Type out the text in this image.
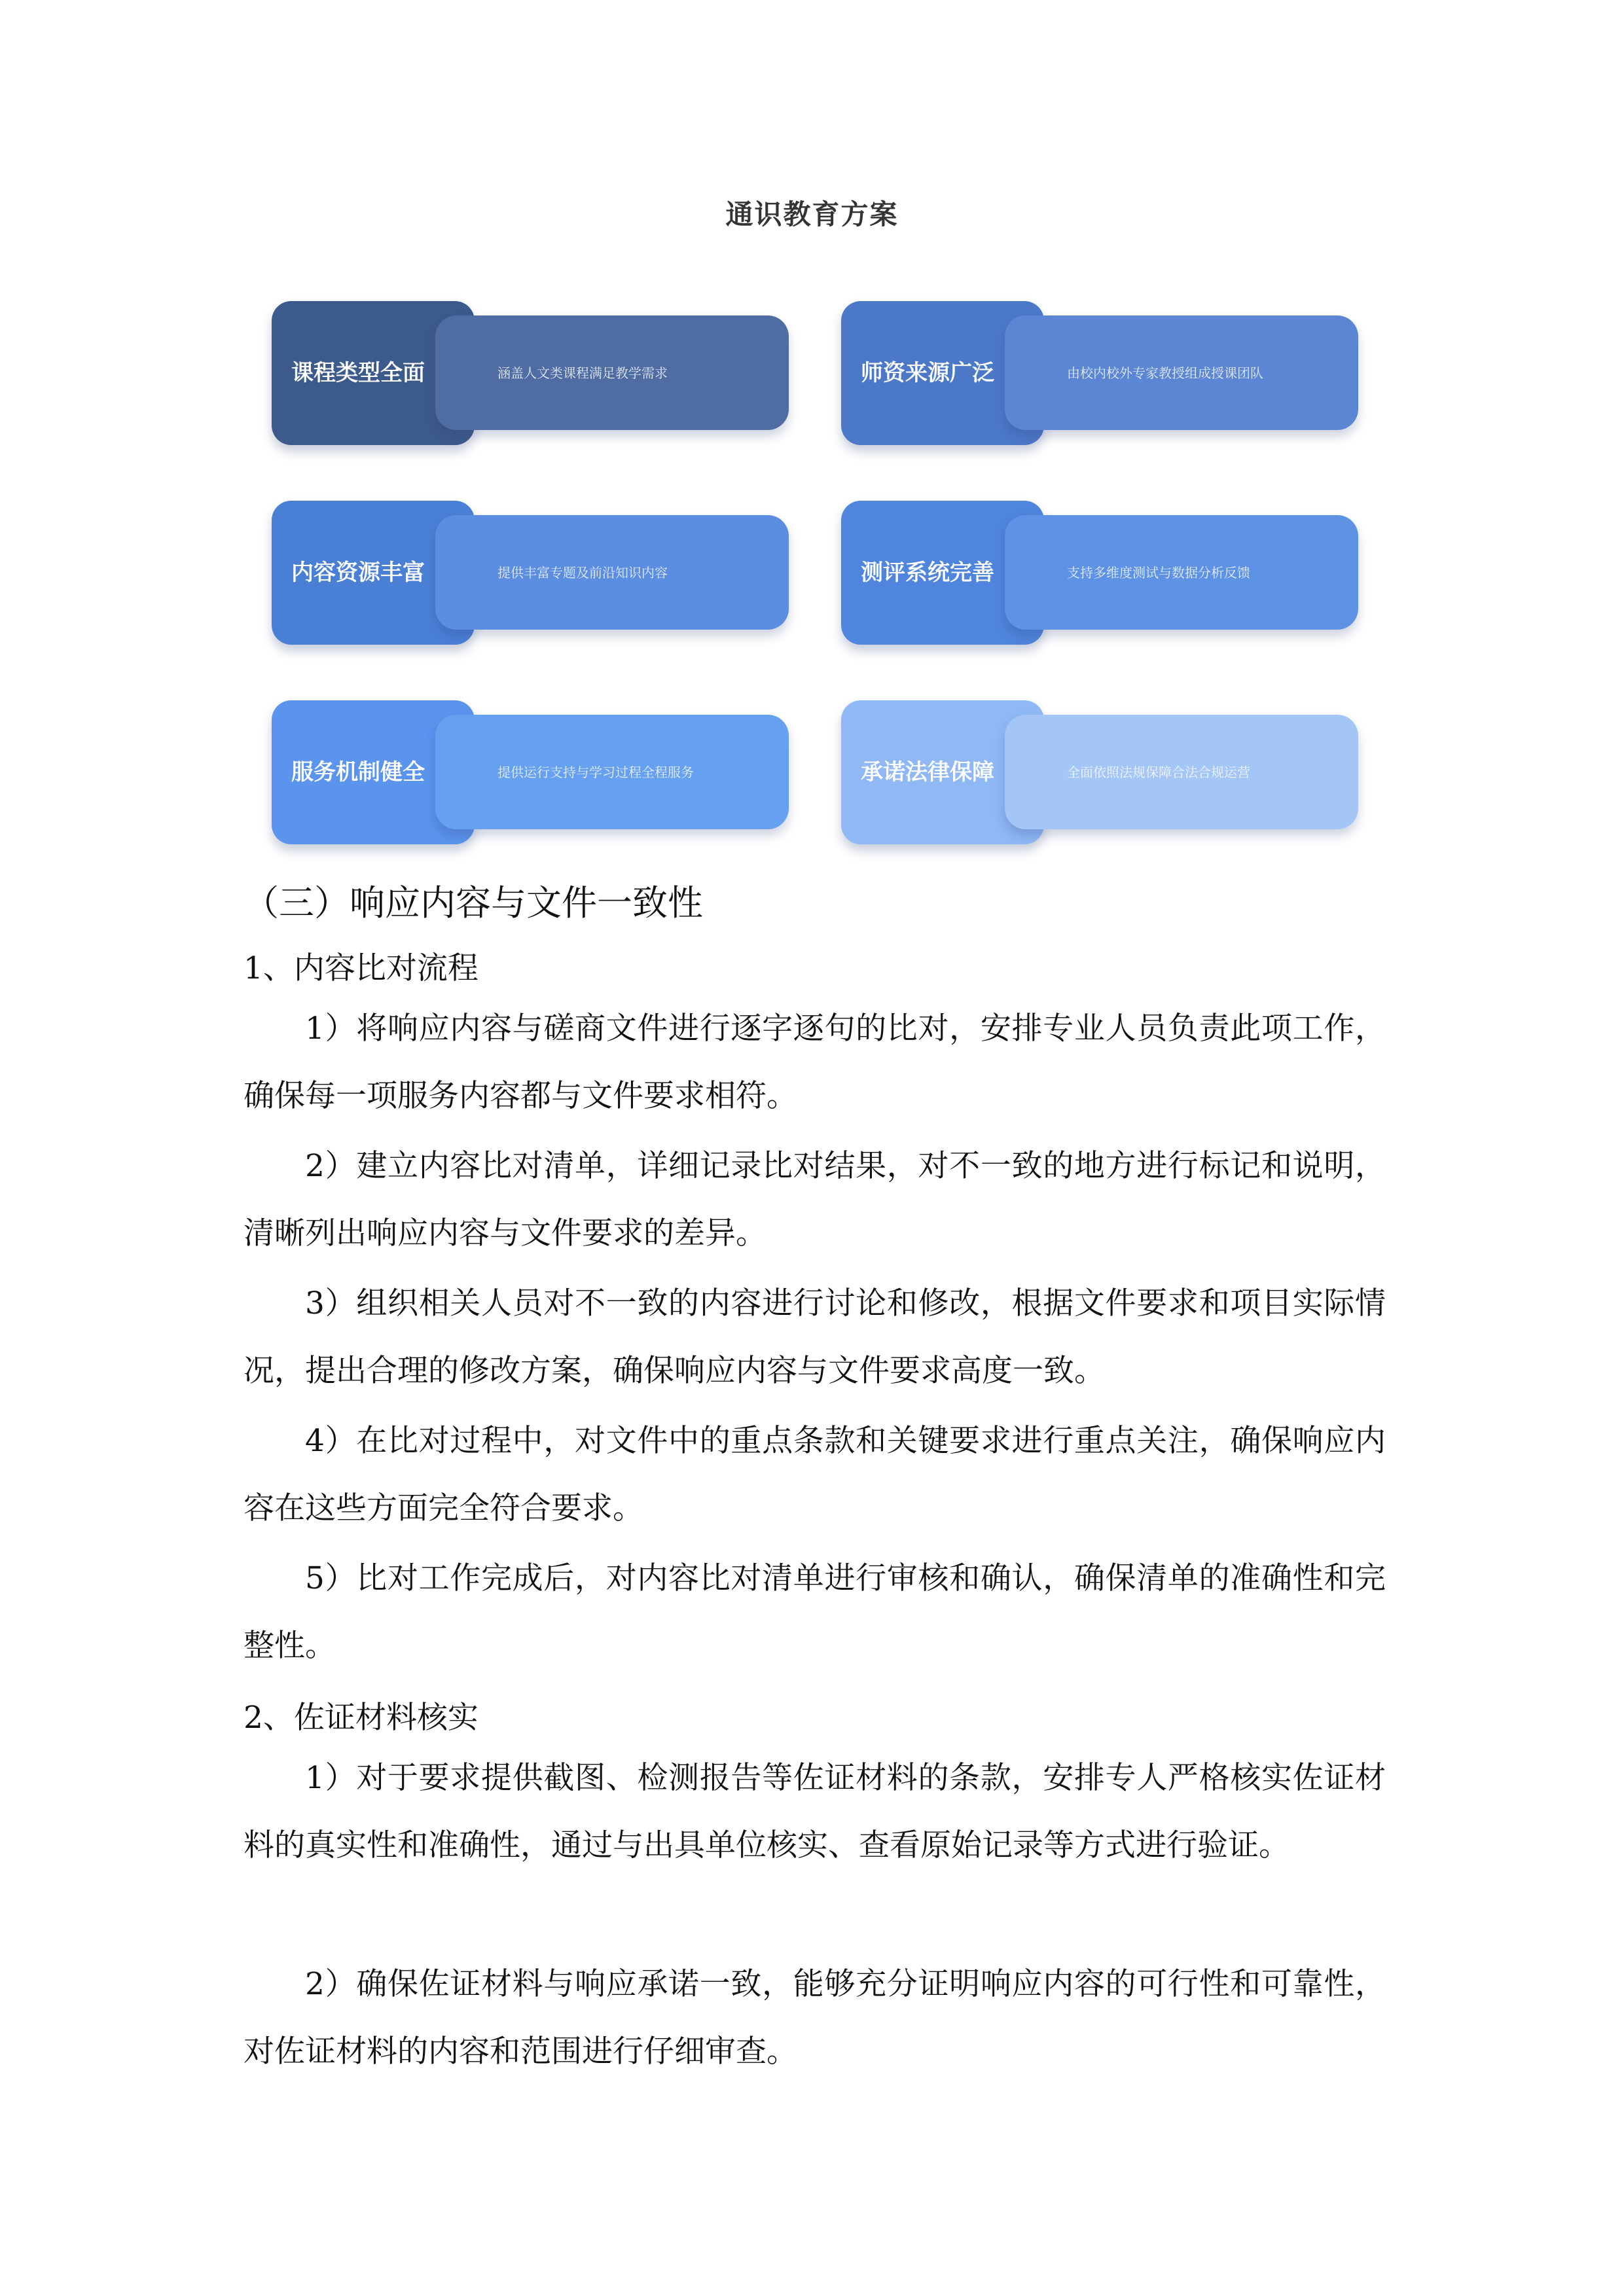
通识教育方案
课程类型全面	涵盖人文类课程满足教学需求	师资来源广泛	由校内校外专家教授组成授课团队
内容资源丰富	提供丰富专题及前沿知识内容	测评系统完善	支持多维度测试与数据分析反馈
服务机制健全	提供运行支持与学习过程全程服务	承诺法律保障	全面依照法规保障合法合规运营
（三）响应内容与文件一致性
1、内容比对流程
1）将响应内容与磋商文件进行逐字逐句的比对，安排专业人员负责此项工作，确保每一项服务内容都与文件要求相符。
2）建立内容比对清单，详细记录比对结果，对不一致的地方进行标记和说明，清晰列出响应内容与文件要求的差异。
3）组织相关人员对不一致的内容进行讨论和修改，根据文件要求和项目实际情况，提出合理的修改方案，确保响应内容与文件要求高度一致。
4）在比对过程中，对文件中的重点条款和关键要求进行重点关注，确保响应内容在这些方面完全符合要求。
5）比对工作完成后，对内容比对清单进行审核和确认，确保清单的准确性和完整性。
2、佐证材料核实
1）对于要求提供截图、检测报告等佐证材料的条款，安排专人严格核实佐证材料的真实性和准确性，通过与出具单位核实、查看原始记录等方式进行验证。
2）确保佐证材料与响应承诺一致，能够充分证明响应内容的可行性和可靠性，对佐证材料的内容和范围进行仔细审查。
